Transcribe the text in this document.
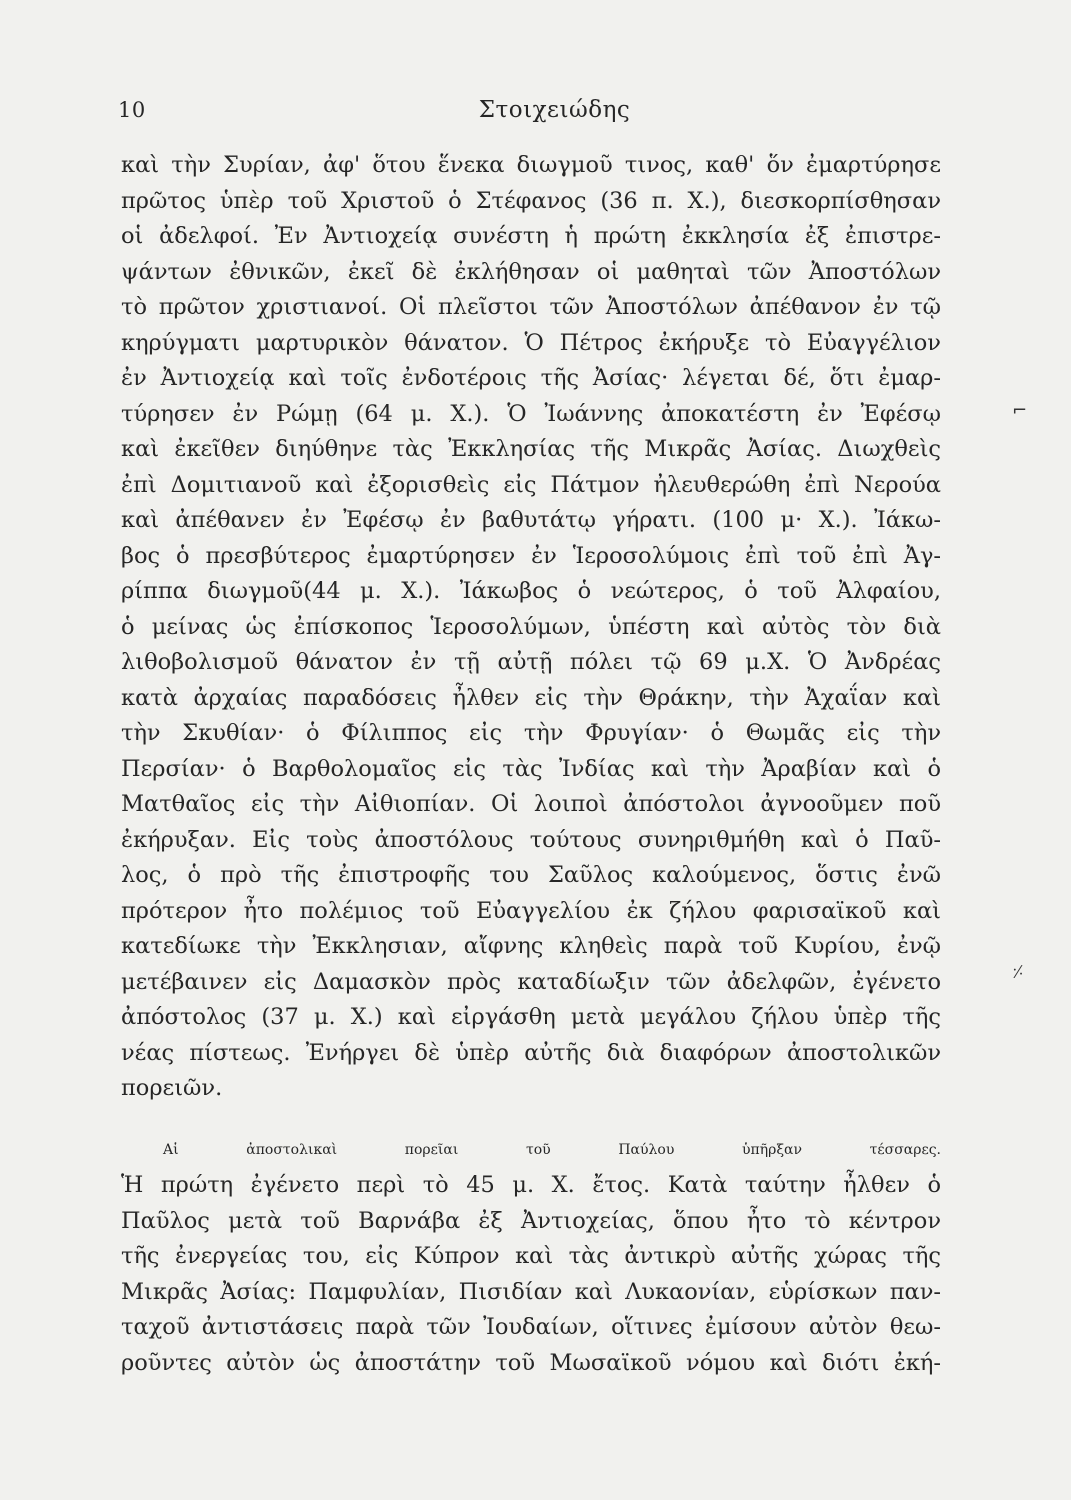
10	Στοιχειώδης
⌐
⸓
καὶ τὴν Συρίαν, ἀφ' ὅτου ἕνεκα διωγμοῦ τινος, καθ' ὅν ἐμαρτύρησε
πρῶτος ὑπὲρ τοῦ Χριστοῦ ὁ Στέφανος (36 π. Χ.), διεσκορπίσθησαν
οἱ ἀδελφοί. Ἐν Ἀντιοχείᾳ συνέστη ἡ πρώτη ἐκκλησία ἐξ ἐπιστρε-
ψάντων ἐθνικῶν, ἐκεῖ δὲ ἐκλήθησαν οἱ μαθηταὶ τῶν Ἀποστόλων
τὸ πρῶτον χριστιανοί. Οἱ πλεῖστοι τῶν Ἀποστόλων ἀπέθανον ἐν τῷ
κηρύγματι μαρτυρικὸν θάνατον. Ὁ Πέτρος ἐκήρυξε τὸ Εὐαγγέλιον
ἐν Ἀντιοχείᾳ καὶ τοῖς ἐνδοτέροις τῆς Ἀσίας· λέγεται δέ, ὅτι ἐμαρ-
τύρησεν ἐν Ρώμῃ (64 μ. Χ.). Ὁ Ἰωάννης ἀποκατέστη ἐν Ἐφέσῳ
καὶ ἐκεῖθεν διηύθηνε τὰς Ἐκκλησίας τῆς Μικρᾶς Ἀσίας. Διωχθεὶς
ἐπὶ Δομιτιανοῦ καὶ ἐξορισθεὶς εἰς Πάτμον ἠλευθερώθη ἐπὶ Νερούα
καὶ ἀπέθανεν ἐν Ἐφέσῳ ἐν βαθυτάτῳ γήρατι. (100 μ· Χ.). Ἰάκω-
βος ὁ πρεσβύτερος ἐμαρτύρησεν ἐν Ἱεροσολύμοις ἐπὶ τοῦ ἐπὶ Ἀγ-
ρίππα διωγμοῦ(44 μ. Χ.). Ἰάκωβος ὁ νεώτερος, ὁ τοῦ Ἀλφαίου,
ὁ μείνας ὡς ἐπίσκοπος Ἱεροσολύμων, ὑπέστη καὶ αὐτὸς τὸν διὰ
λιθοβολισμοῦ θάνατον ἐν τῇ αὐτῇ πόλει τῷ 69 μ.Χ. Ὁ Ἀνδρέας
κατὰ ἀρχαίας παραδόσεις ἦλθεν εἰς τὴν Θράκην, τὴν Ἀχαΐαν καὶ
τὴν Σκυθίαν· ὁ Φίλιππος εἰς τὴν Φρυγίαν· ὁ Θωμᾶς εἰς τὴν
Περσίαν· ὁ Βαρθολομαῖος εἰς τὰς Ἰνδίας καὶ τὴν Ἀραβίαν καὶ ὁ
Ματθαῖος εἰς τὴν Αἰθιοπίαν. Οἱ λοιποὶ ἀπόστολοι ἀγνοοῦμεν ποῦ
ἐκήρυξαν. Εἰς τοὺς ἀποστόλους τούτους συνηριθμήθη καὶ ὁ Παῦ-
λος, ὁ πρὸ τῆς ἐπιστροφῆς του Σαῦλος καλούμενος, ὅστις ἐνῶ
πρότερον ἦτο πολέμιος τοῦ Εὐαγγελίου ἐκ ζήλου φαρισαϊκοῦ καὶ
κατεδίωκε τὴν Ἐκκλησιαν, αἴφνης κληθεὶς παρὰ τοῦ Κυρίου, ἐνῷ
μετέβαινεν εἰς Δαμασκὸν πρὸς καταδίωξιν τῶν ἀδελφῶν, ἐγένετο
ἀπόστολος (37 μ. Χ.) καὶ εἰργάσθη μετὰ μεγάλου ζήλου ὑπὲρ τῆς
νέας πίστεως. Ἐνήργει δὲ ὑπὲρ αὐτῆς διὰ διαφόρων ἀποστολικῶν
πορειῶν.
Αἱ ἀποστολικαὶ πορεῖαι τοῦ Παύλου ὑπῆρξαν τέσσαρες.
Ἡ πρώτη ἐγένετο περὶ τὸ 45 μ. Χ. ἔτος. Κατὰ ταύτην ἦλθεν ὁ
Παῦλος μετὰ τοῦ Βαρνάβα ἐξ Ἀντιοχείας, ὅπου ἦτο τὸ κέντρον
τῆς ἐνεργείας του, εἰς Κύπρον καὶ τὰς ἀντικρὺ αὐτῆς χώρας τῆς
Μικρᾶς Ἀσίας: Παμφυλίαν, Πισιδίαν καὶ Λυκαονίαν, εὑρίσκων παν-
ταχοῦ ἀντιστάσεις παρὰ τῶν Ἰουδαίων, οἵτινες ἐμίσουν αὐτὸν θεω-
ροῦντες αὐτὸν ὡς ἀποστάτην τοῦ Μωσαϊκοῦ νόμου καὶ διότι ἐκή-
